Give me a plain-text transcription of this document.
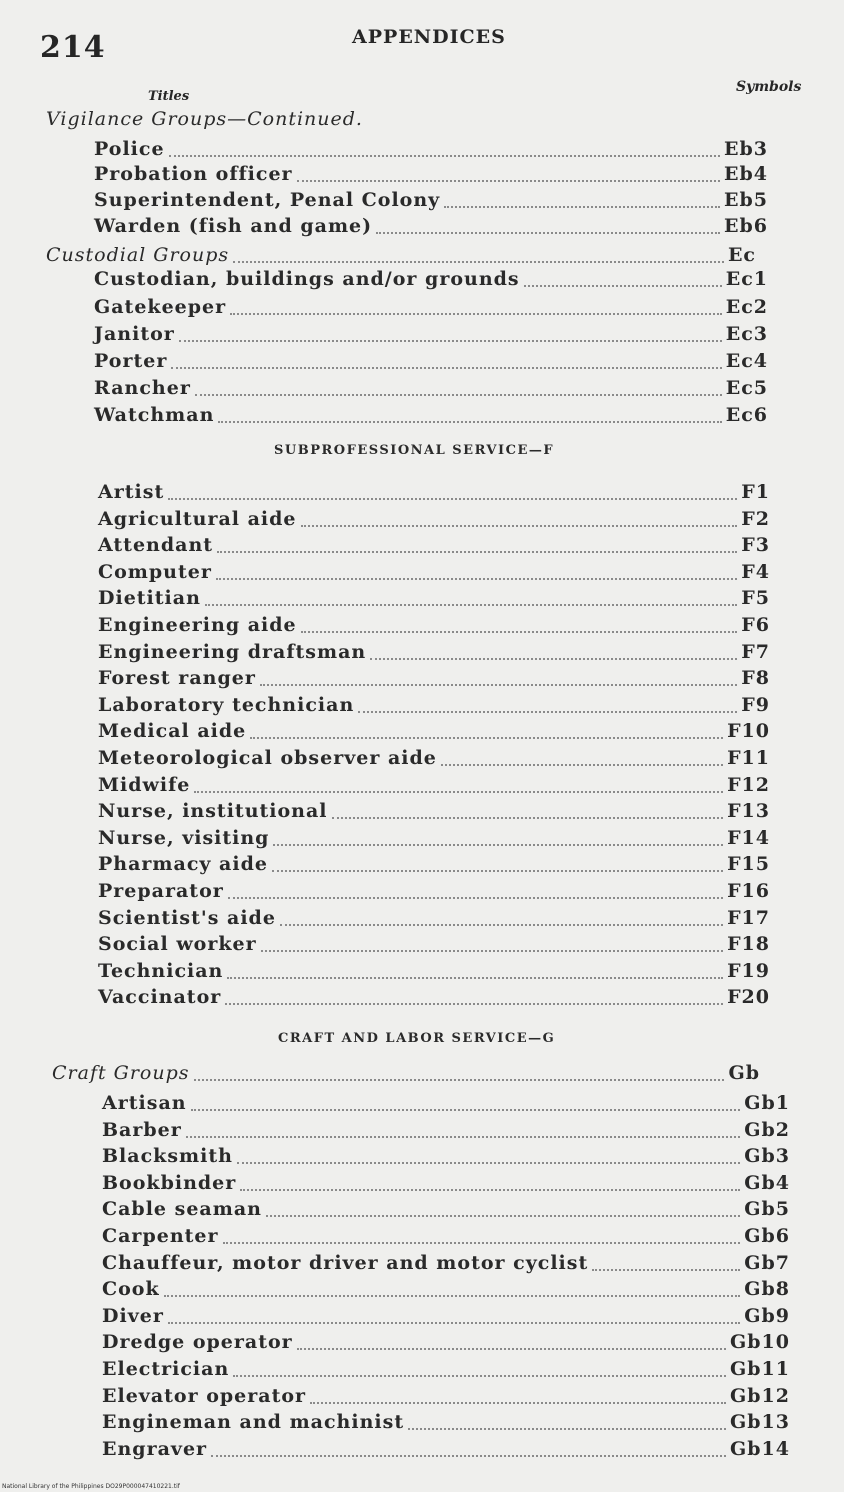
214	APPENDICES
Titles
Symbols
Vigilance Groups—Continued.
Police	Eb3
Probation officer	Eb4
Superintendent, Penal Colony	Eb5
Warden (fish and game)	Eb6
Custodial Groups	Ec
Custodian, buildings and/or grounds	Ec1
Gatekeeper	Ec2
Janitor	Ec3
Porter	Ec4
Rancher	Ec5
Watchman	Ec6
Artist	F1
Agricultural aide	F2
Attendant	F3
Computer	F4
Dietitian	F5
Engineering aide	F6
Engineering draftsman	F7
Forest ranger	F8
Laboratory technician	F9
Medical aide	F10
Meteorological observer aide	F11
Midwife	F12
Nurse, institutional	F13
Nurse, visiting	F14
Pharmacy aide	F15
Preparator	F16
Scientist's aide	F17
Social worker	F18
Technician	F19
Vaccinator	F20
Craft Groups	Gb
Artisan	Gb1
Barber	Gb2
Blacksmith	Gb3
Bookbinder	Gb4
Cable seaman	Gb5
Carpenter	Gb6
Chauffeur, motor driver and motor cyclist	Gb7
Cook	Gb8
Diver	Gb9
Dredge operator	Gb10
Electrician	Gb11
Elevator operator	Gb12
Engineman and machinist	Gb13
Engraver	Gb14
SUBPROFESSIONAL SERVICE—F
CRAFT AND LABOR SERVICE—G
National Library of the Philippines DO29P000047410221.tif
